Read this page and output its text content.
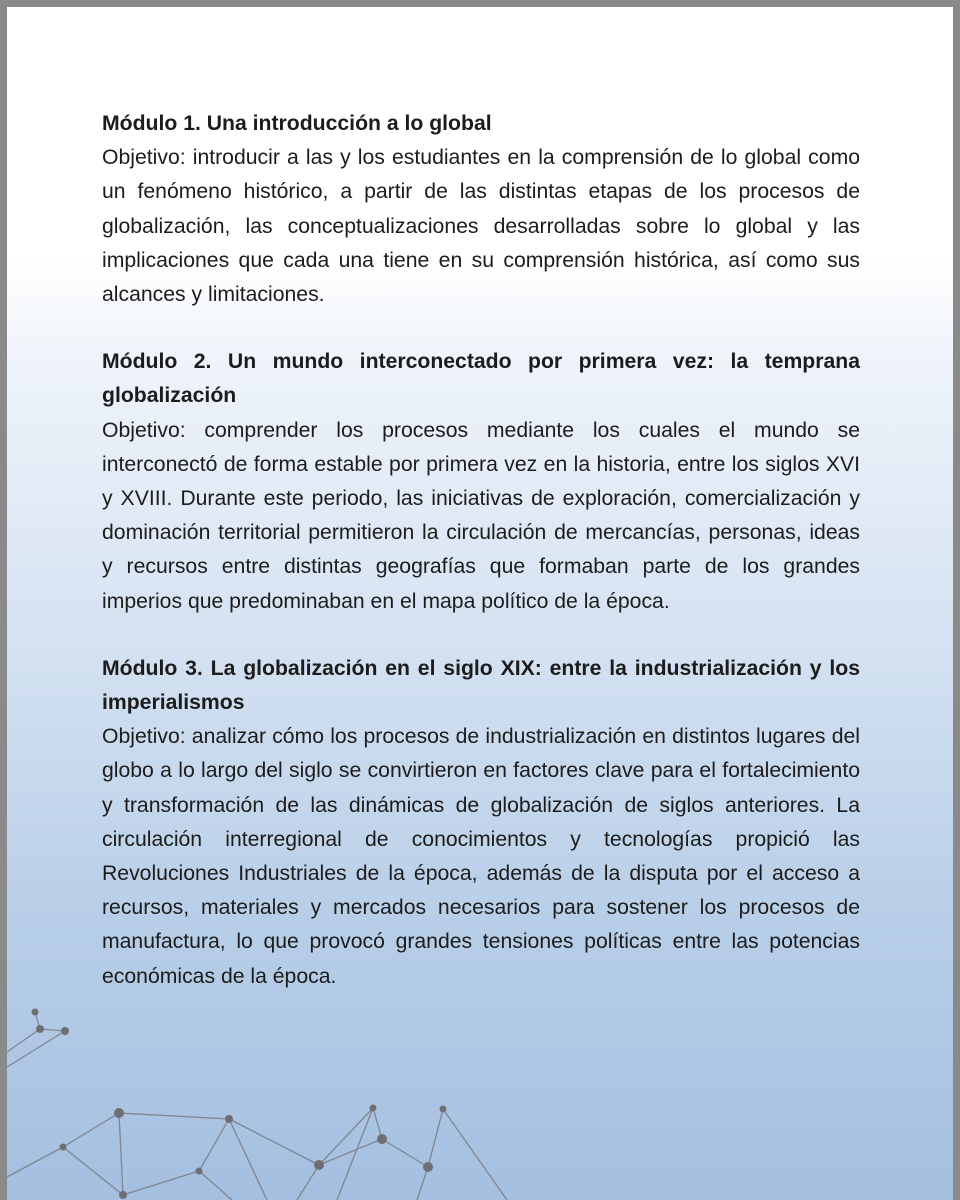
Módulo 1. Una introducción a lo global

Objetivo: introducir a las y los estudiantes en la comprensión de lo global como un fenómeno histórico, a partir de las distintas etapas de los procesos de globalización, las conceptualizaciones desarrolladas sobre lo global y las implicaciones que cada una tiene en su comprensión histórica, así como sus alcances y limitaciones.

Módulo 2. Un mundo interconectado por primera vez: la temprana globalización

Objetivo: comprender los procesos mediante los cuales el mundo se interconectó de forma estable por primera vez en la historia, entre los siglos XVI y XVIII. Durante este periodo, las iniciativas de exploración, comercialización y dominación territorial permitieron la circulación de mercancías, personas, ideas y recursos entre distintas geografías que formaban parte de los grandes imperios que predominaban en el mapa político de la época.

Módulo 3. La globalización en el siglo XIX: entre la industrialización y los imperialismos

Objetivo: analizar cómo los procesos de industrialización en distintos lugares del globo a lo largo del siglo se convirtieron en factores clave para el fortalecimiento y transformación de las dinámicas de globalización de siglos anteriores. La circulación interregional de conocimientos y tecnologías propició las Revoluciones Industriales de la época, además de la disputa por el acceso a recursos, materiales y mercados necesarios para sostener los procesos de manufactura, lo que provocó grandes tensiones políticas entre las potencias económicas de la época.
